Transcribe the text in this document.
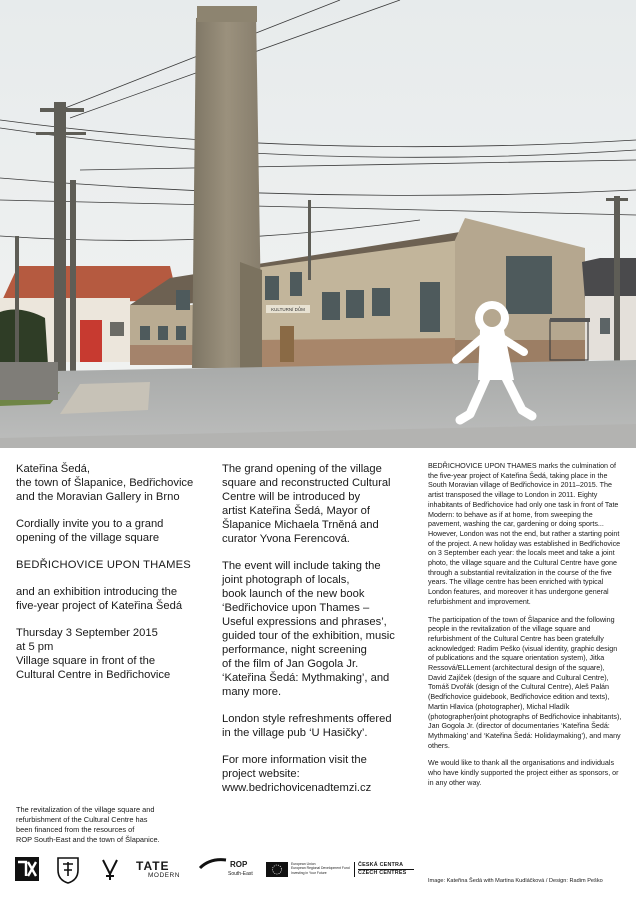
KULTURNÍ DŮM

Kateřina Šedá,
the town of Šlapanice, Bedřichovice
and the Moravian Gallery in Brno

Cordially invite you to a grand
opening of the village square

BEDŘICHOVICE UPON THAMES

and an exhibition introducing the
five-year project of Kateřina Šedá

Thursday 3 September 2015
at 5 pm
Village square in front of the
Cultural Centre in Bedřichovice

The grand opening of the village
square and reconstructed Cultural
Centre will be introduced by
artist Kateřina Šedá, Mayor of
Šlapanice Michaela Trněná and
curator Yvona Ferencová.

The event will include taking the
joint photograph of locals,
book launch of the new book
‘Bedřichovice upon Thames –
Useful expressions and phrases’,
guided tour of the exhibition, music
performance, night screening
of the film of Jan Gogola Jr.
‘Kateřina Šedá: Mythmaking’, and
many more.

London style refreshments offered
in the village pub ‘U Hasičky’.

For more information visit the
project website:
www.bedrichovicenadtemzi.cz

BEDŘICHOVICE UPON THAMES marks the culmination of the five-year project of Kateřina Šedá, taking place in the South Moravian village of Bedřichovice in 2011–2015. The artist transposed the village to London in 2011. Eighty inhabitants of Bedřichovice had only one task in front of Tate Modern: to behave as if at home, from sweeping the pavement, washing the car, gardening or doing sports... However, London was not the end, but rather a starting point of the project. A new holiday was established in Bedřichovice on 3 September each year: the locals meet and take a joint photo, the village square and the Cultural Centre have gone through a substantial revitalization in the course of the five years. The village centre has been enriched with typical London features, and moreover it has undergone general refurbishment and improvement.

The participation of the town of Šlapanice and the following people in the revitalization of the village square and refurbishment of the Cultural Centre has been gratefully acknowledged: Radim Peško (visual identity, graphic design of publications and the square orientation system), Jitka Ressová/ELLement (architectural design of the square), David Zajíček (design of the square and Cultural Centre), Tomáš Dvořák (design of the Cultural Centre), Aleš Palán (Bedřichovice guidebook, Bedřichovice edition and texts), Martin Hlavica (photographer), Michal Hladík (photographer/joint photographs of Bedřichovice inhabitants), Jan Gogola Jr. (director of documentaries ‘Kateřina Šedá: Mythmaking’ and ‘Kateřina Šedá: Holidaymaking’), and many others.

We would like to thank all the organisations and individuals who have kindly supported the project either as sponsors, or in any other way.

The revitalization of the village square and
refurbishment of the Cultural Centre has
been financed from the resources of
ROP South-East and the town of Šlapanice.
Image: Kateřina Šedá with Martina Kudláčková / Design: Radim Peško
TATE
MODERN
ROP
South-East
European Union
European Regional Development Fund
Investing in Your Future
ČESKÁ CENTRA
CZECH CENTRES
